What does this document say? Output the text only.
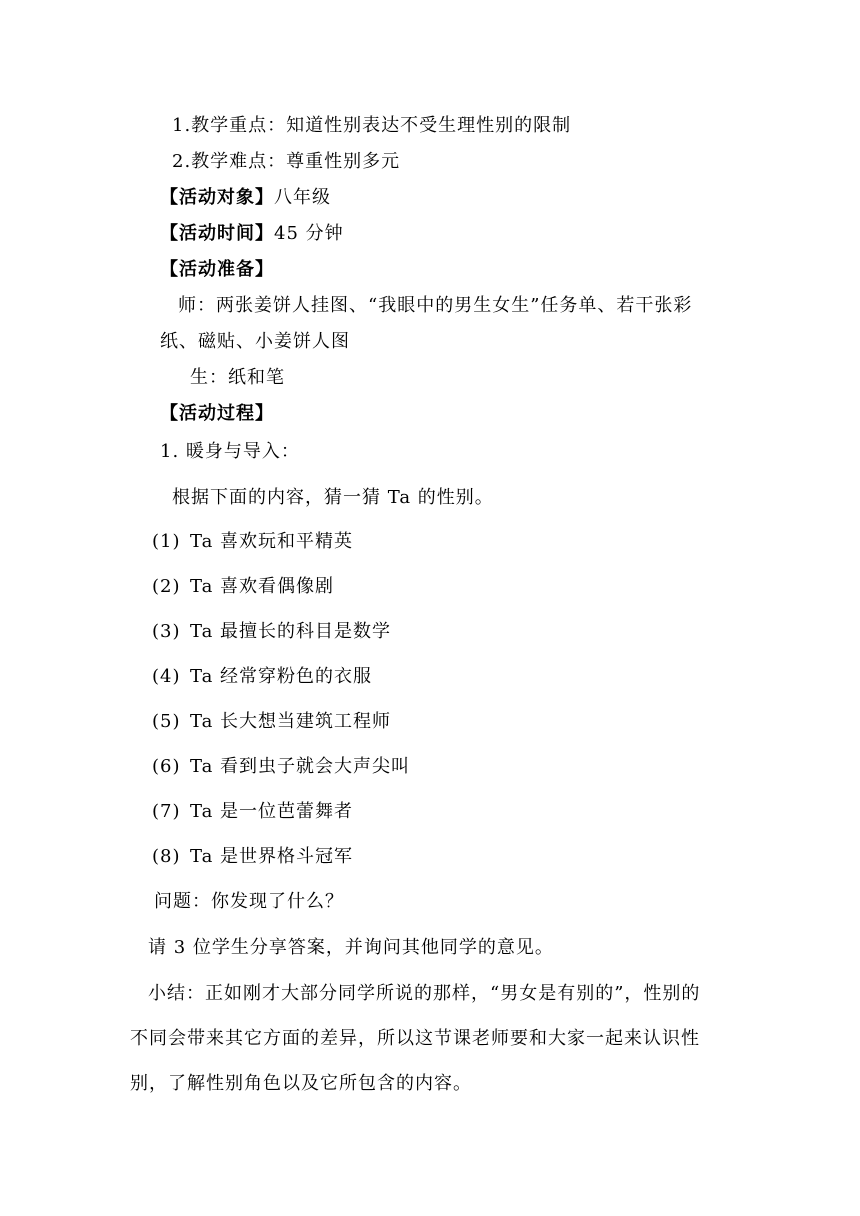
1.教学重点：知道性别表达不受生理性别的限制
2.教学难点：尊重性别多元
【活动对象】八年级
【活动时间】45 分钟
【活动准备】
师：两张姜饼人挂图、“我眼中的男生女生”任务单、若干张彩
纸、磁贴、小姜饼人图
生：纸和笔
【活动过程】
1. 暖身与导入：
根据下面的内容，猜一猜 Ta 的性别。
(1) Ta 喜欢玩和平精英
(2) Ta 喜欢看偶像剧
(3) Ta 最擅长的科目是数学
(4) Ta 经常穿粉色的衣服
(5) Ta 长大想当建筑工程师
(6) Ta 看到虫子就会大声尖叫
(7) Ta 是一位芭蕾舞者
(8) Ta 是世界格斗冠军
问题：你发现了什么？
请 3 位学生分享答案，并询问其他同学的意见。
小结：正如刚才大部分同学所说的那样，“男女是有别的”，性别的
不同会带来其它方面的差异，所以这节课老师要和大家一起来认识性
别，了解性别角色以及它所包含的内容。
